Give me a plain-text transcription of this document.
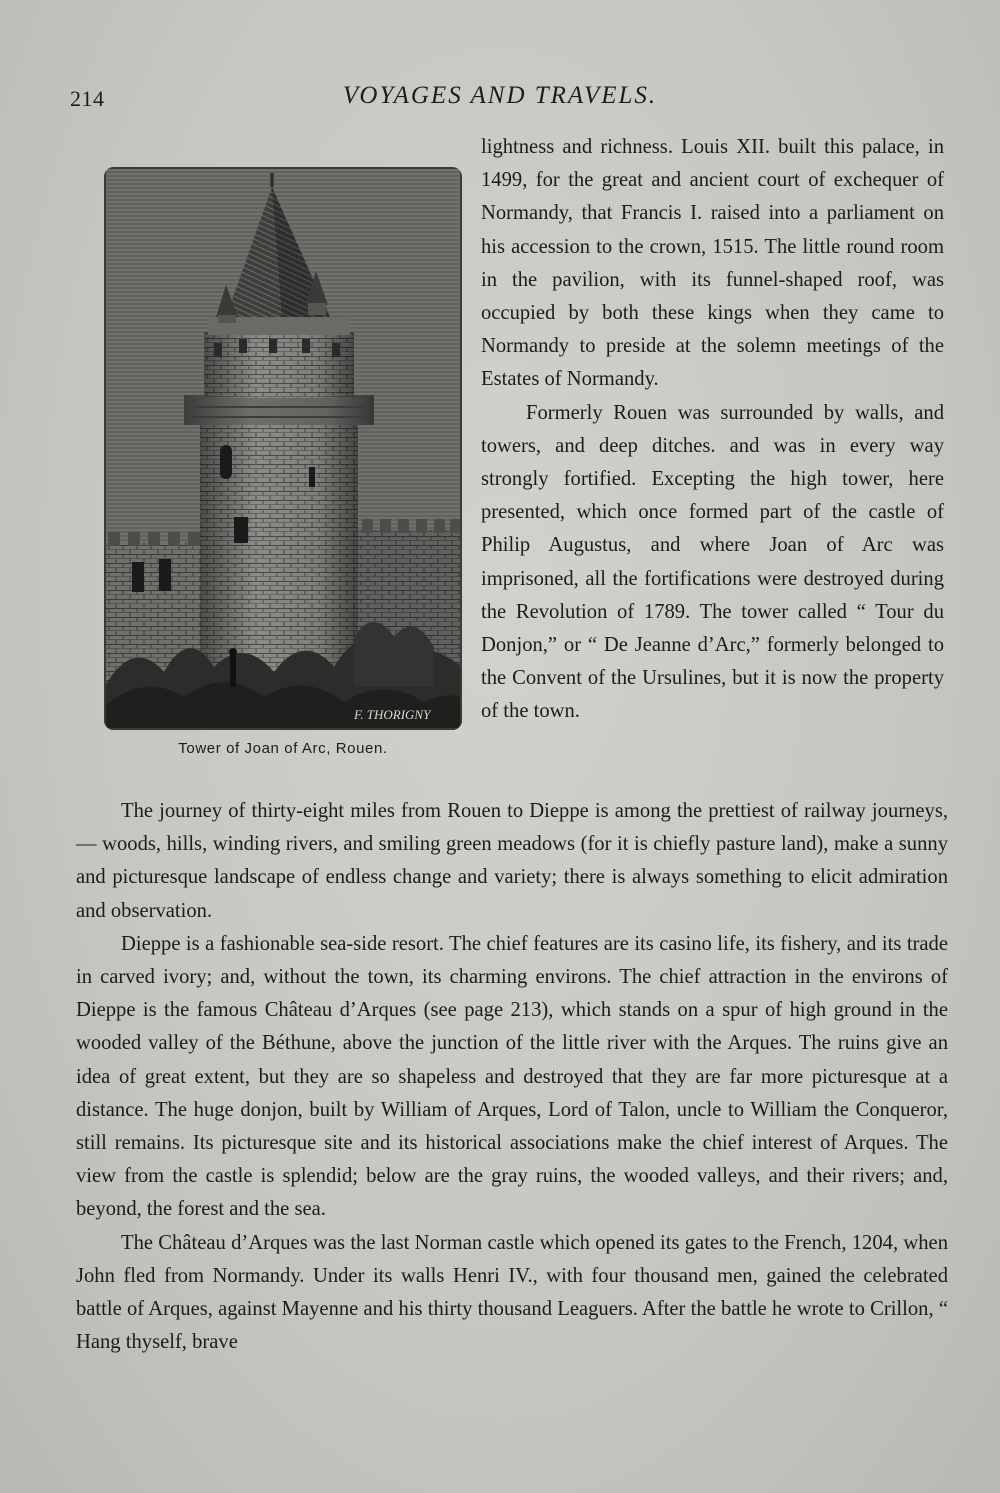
214	VOYAGES AND TRAVELS.
F. THORIGNY
Tower of Joan of Arc, Rouen.

lightness and richness. Louis XII. built this palace, in 1499, for the great and ancient court of exchequer of Normandy, that Francis I. raised into a parliament on his accession to the crown, 1515. The little round room in the pavilion, with its funnel-shaped roof, was occupied by both these kings when they came to Normandy to preside at the solemn meetings of the Estates of Normandy.

Formerly Rouen was surrounded by walls, and towers, and deep ditches. and was in every way strongly fortified. Excepting the high tower, here presented, which once formed part of the castle of Philip Augustus, and where Joan of Arc was imprisoned, all the fortifications were destroyed during the Revolution of 1789. The tower called “ Tour du Donjon,” or “ De Jeanne d’Arc,” formerly belonged to the Convent of the Ursulines, but it is now the property of the town.

The journey of thirty-eight miles from Rouen to Dieppe is among the prettiest of railway journeys, — woods, hills, winding rivers, and smiling green meadows (for it is chiefly pasture land), make a sunny and picturesque landscape of endless change and variety; there is always something to elicit admiration and observation.

Dieppe is a fashionable sea-side resort. The chief features are its casino life, its fishery, and its trade in carved ivory; and, without the town, its charming environs. The chief attraction in the environs of Dieppe is the famous Château d’Arques (see page 213), which stands on a spur of high ground in the wooded valley of the Béthune, above the junction of the little river with the Arques. The ruins give an idea of great extent, but they are so shapeless and destroyed that they are far more picturesque at a distance. The huge donjon, built by William of Arques, Lord of Talon, uncle to William the Conqueror, still remains. Its picturesque site and its historical associations make the chief interest of Arques. The view from the castle is splendid; below are the gray ruins, the wooded valleys, and their rivers; and, beyond, the forest and the sea.

The Château d’Arques was the last Norman castle which opened its gates to the French, 1204, when John fled from Normandy. Under its walls Henri IV., with four thousand men, gained the celebrated battle of Arques, against Mayenne and his thirty thousand Leaguers. After the battle he wrote to Crillon, “ Hang thyself, brave
